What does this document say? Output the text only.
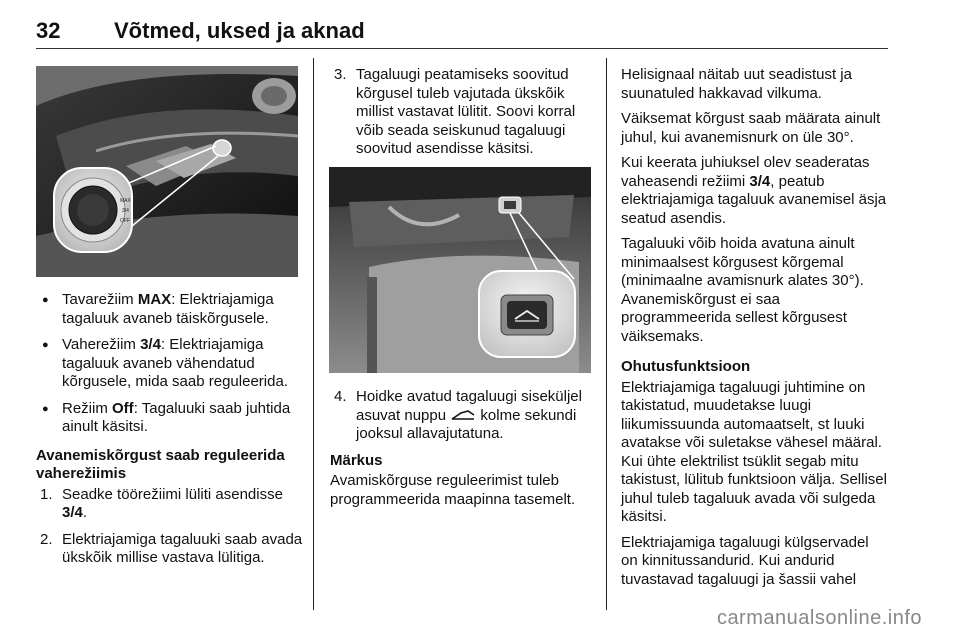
32 Võtmed, uksed ja aknad
MAX
3/4
OFF
● Tavarežiim MAX: Elektriajamiga tagaluuk avaneb täiskõrgusele.
● Vaherežiim 3/4: Elektriajamiga tagaluuk avaneb vähendatud kõrgusele, mida saab reguleerida.
● Režiim Off: Tagaluuki saab juhtida ainult käsitsi.
Avanemiskõrgust saab reguleerida vaherežiimis
1. Seadke töörežiimi lüliti asendisse 3/4.
2. Elektriajamiga tagaluuki saab avada ükskõik millise vastava lülitiga.
3. Tagaluugi peatamiseks soovitud kõrgusel tuleb vajutada ükskõik millist vastavat lülitit. Soovi korral võib seada seiskunud tagaluugi soovitud asendisse käsitsi.
4. Hoidke avatud tagaluugi siseküljel asuvat nuppu  kolme sekundi jooksul allavajutatuna.
Märkus

Avamiskõrguse reguleerimist tuleb programmeerida maapinna tasemelt.

Helisignaal näitab uut seadistust ja suunatuled hakkavad vilkuma.

Väiksemat kõrgust saab määrata ainult juhul, kui avanemisnurk on üle 30°.

Kui keerata juhiuksel olev seaderatas vaheasendi režiimi 3/4, peatub elektriajamiga tagaluuk avanemisel äsja seatud asendis.

Tagaluuki võib hoida avatuna ainult minimaalsest kõrgusest kõrgemal (minimaalne avamisnurk alates 30°). Avanemiskõrgust ei saa programmeerida sellest kõrgusest väiksemaks.

Ohutusfunktsioon

Elektriajamiga tagaluugi juhtimine on takistatud, muudetakse luugi liikumissuunda automaatselt, st luuki avatakse või suletakse vähesel määral. Kui ühte elektrilist tsüklit segab mitu takistust, lülitub funktsioon välja. Sellisel juhul tuleb tagaluuk avada või sulgeda käsitsi.

Elektriajamiga tagaluugi külgservadel on kinnitussandurid. Kui andurid tuvastavad tagaluugi ja šassii vahel

carmanualsonline.info
